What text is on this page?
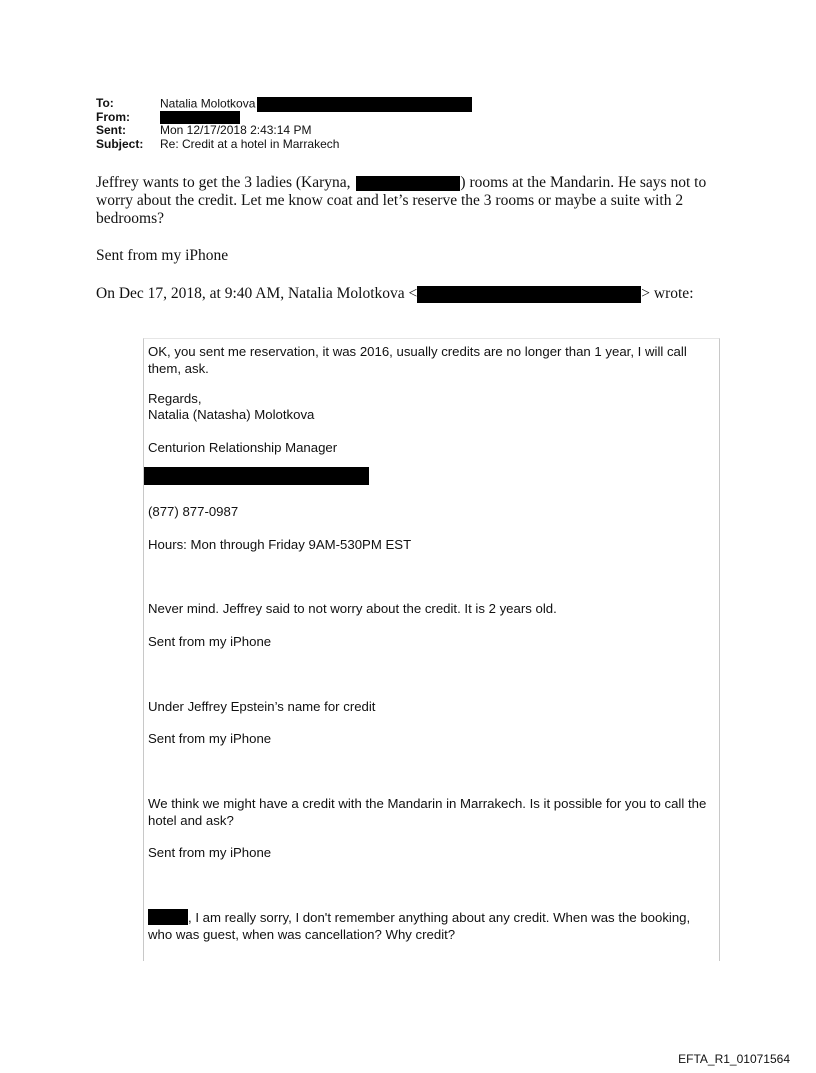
To:	Natalia Molotkova
From:
Sent:	Mon 12/17/2018 2:43:14 PM
Subject:	Re: Credit at a hotel in Marrakech
Jeffrey wants to get the 3 ladies (Karyna,	) rooms at the Mandarin. He says not to worry about the credit. Let me know coat and let’s reserve the 3 rooms or maybe a suite with 2 bedrooms?
Sent from my iPhone
On Dec 17, 2018, at 9:40 AM, Natalia Molotkova <	> wrote:
OK, you sent me reservation, it was 2016, usually credits are no longer than 1 year, I will call them, ask.
Regards,
Natalia (Natasha) Molotkova
Centurion Relationship Manager
(877) 877-0987
Hours: Mon through Friday 9AM-530PM EST
Never mind. Jeffrey said to not worry about the credit. It is 2 years old.
Sent from my iPhone
Under Jeffrey Epstein’s name for credit
Sent from my iPhone
We think we might have a credit with the Mandarin in Marrakech. Is it possible for you to call the hotel and ask?
Sent from my iPhone
, I am really sorry, I don't remember anything about any credit. When was the booking, who was guest, when was cancellation? Why credit?
EFTA_R1_01071564
